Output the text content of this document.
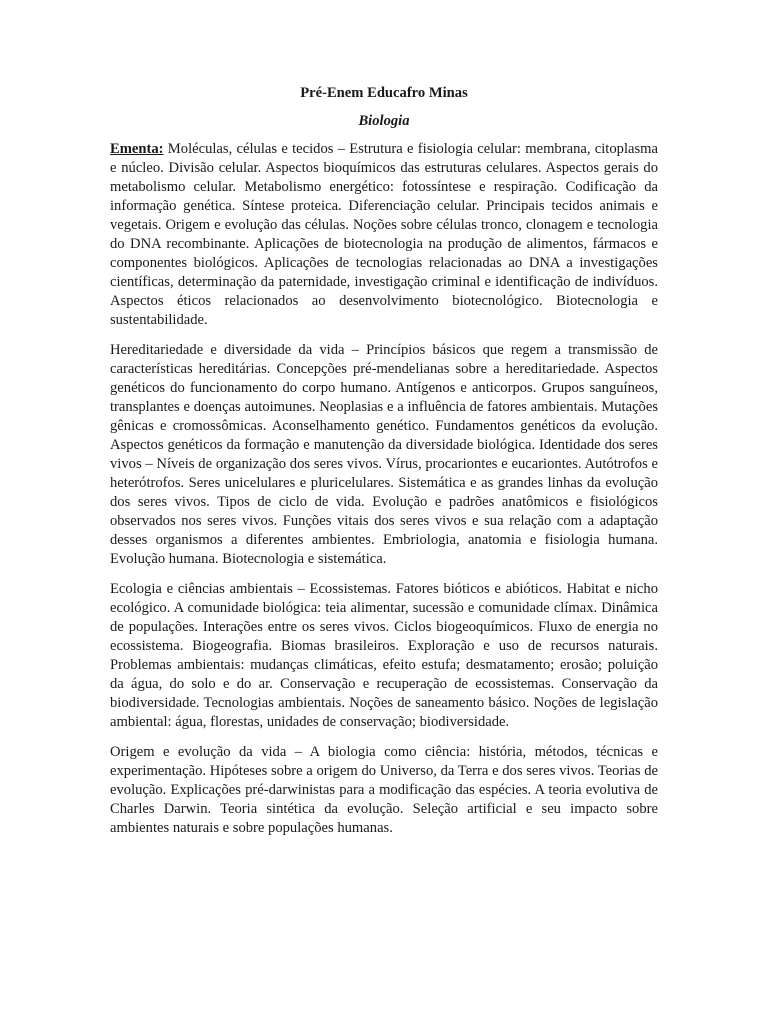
Pré-Enem Educafro Minas

Biologia

Ementa: Moléculas, células e tecidos – Estrutura e fisiologia celular: membrana, citoplasma e núcleo. Divisão celular. Aspectos bioquímicos das estruturas celulares. Aspectos gerais do metabolismo celular. Metabolismo energético: fotossíntese e respiração. Codificação da informação genética. Síntese proteica. Diferenciação celular. Principais tecidos animais e vegetais. Origem e evolução das células. Noções sobre células tronco, clonagem e tecnologia do DNA recombinante. Aplicações de biotecnologia na produção de alimentos, fármacos e componentes biológicos. Aplicações de tecnologias relacionadas ao DNA a investigações científicas, determinação da paternidade, investigação criminal e identificação de indivíduos. Aspectos éticos relacionados ao desenvolvimento biotecnológico. Biotecnologia e sustentabilidade.

Hereditariedade e diversidade da vida – Princípios básicos que regem a transmissão de características hereditárias. Concepções pré-mendelianas sobre a hereditariedade. Aspectos genéticos do funcionamento do corpo humano. Antígenos e anticorpos. Grupos sanguíneos, transplantes e doenças autoimunes. Neoplasias e a influência de fatores ambientais. Mutações gênicas e cromossômicas. Aconselhamento genético. Fundamentos genéticos da evolução. Aspectos genéticos da formação e manutenção da diversidade biológica. Identidade dos seres vivos – Níveis de organização dos seres vivos. Vírus, procariontes e eucariontes. Autótrofos e heterótrofos. Seres unicelulares e pluricelulares. Sistemática e as grandes linhas da evolução dos seres vivos. Tipos de ciclo de vida. Evolução e padrões anatômicos e fisiológicos observados nos seres vivos. Funções vitais dos seres vivos e sua relação com a adaptação desses organismos a diferentes ambientes. Embriologia, anatomia e fisiologia humana. Evolução humana. Biotecnologia e sistemática.

Ecologia e ciências ambientais – Ecossistemas. Fatores bióticos e abióticos. Habitat e nicho ecológico. A comunidade biológica: teia alimentar, sucessão e comunidade clímax. Dinâmica de populações. Interações entre os seres vivos. Ciclos biogeoquímicos. Fluxo de energia no ecossistema. Biogeografia. Biomas brasileiros. Exploração e uso de recursos naturais. Problemas ambientais: mudanças climáticas, efeito estufa; desmatamento; erosão; poluição da água, do solo e do ar. Conservação e recuperação de ecossistemas. Conservação da biodiversidade. Tecnologias ambientais. Noções de saneamento básico. Noções de legislação ambiental: água, florestas, unidades de conservação; biodiversidade.

Origem e evolução da vida – A biologia como ciência: história, métodos, técnicas e experimentação. Hipóteses sobre a origem do Universo, da Terra e dos seres vivos. Teorias de evolução. Explicações pré-darwinistas para a modificação das espécies. A teoria evolutiva de Charles Darwin. Teoria sintética da evolução. Seleção artificial e seu impacto sobre ambientes naturais e sobre populações humanas.
